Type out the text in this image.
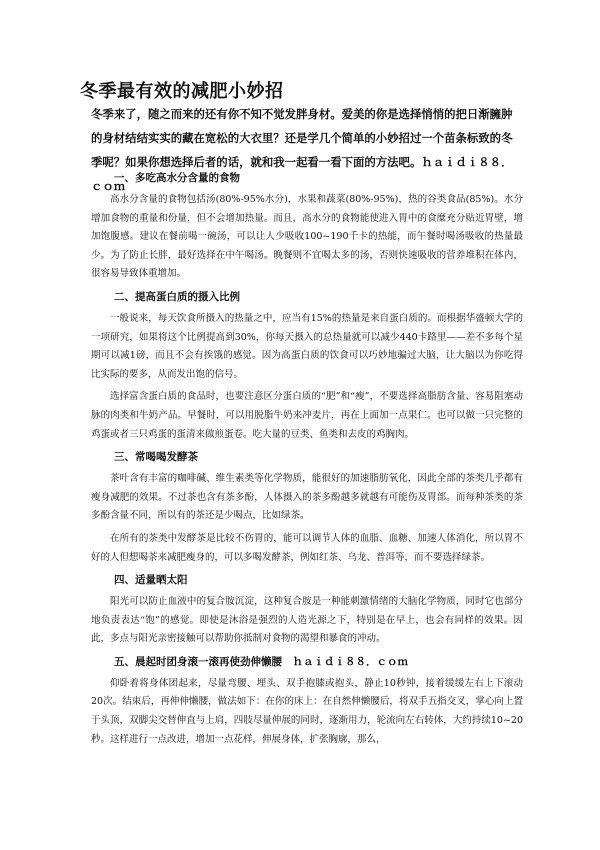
冬季最有效的减肥小妙招

冬季来了，随之而来的还有你不知不觉发胖身材。爱美的你是选择悄悄的把日渐臃肿的身材结结实实的藏在宽松的大衣里？还是学几个简单的小妙招过一个苗条标致的冬季呢？如果你想选择后者的话，就和我一起看一看下面的方法吧。ｈａｉｄｉ８８．ｃｏｍ

一、多吃高水分含量的食物

高水分含量的食物包括汤(80%-95%水分)，水果和蔬菜(80%-95%)，热的谷类食品(85%)。水分增加食物的重量和份量，但不会增加热量。而且，高水分的食物能使进入胃中的食糜充分贴近胃壁，增加饱腹感。建议在餐前喝一碗汤，可以让人少吸收100~190千卡的热能，而午餐时喝汤吸收的热量最少。为了防止长胖，最好选择在中午喝汤。晚餐则不宜喝太多的汤，否则快速吸收的营养堆积在体内，很容易导致体重增加。

二、提高蛋白质的摄入比例

一般说来，每天饮食所摄入的热量之中，应当有15%的热量是来自蛋白质的。而根据华盛顿大学的一项研究，如果将这个比例提高到30%，你每天摄入的总热量就可以减少440卡路里——差不多每个星期可以减1磅，而且不会有挨饿的感觉。因为高蛋白质的饮食可以巧妙地骗过大脑，让大脑以为你吃得比实际的要多，从而发出饱的信号。

选择富含蛋白质的食品时，也要注意区分蛋白质的“肥”和“瘦”，不要选择高脂肪含量、容易阻塞动脉的肉类和牛奶产品。早餐时，可以用脱脂牛奶来冲麦片，再在上面加一点果仁。也可以做一只完整的鸡蛋或者三只鸡蛋的蛋清来做煎蛋卷。吃大量的豆类、鱼类和去皮的鸡胸肉。

三、常喝喝发酵茶

茶叶含有丰富的咖啡碱、维生素类等化学物质，能很好的加速脂肪氧化，因此全部的茶类几乎都有瘦身减肥的效果。不过茶也含有茶多酚，人体摄入的茶多酚越多就越有可能伤及胃部。而每种茶类的茶多酚含量不同，所以有的茶还是少喝点，比如绿茶。

在所有的茶类中发酵茶是比较不伤胃的，能可以调节人体的血脂、血糖、加速人体消化，所以胃不好的人但想喝茶来减肥瘦身的，可以多喝发酵茶，例如红茶、乌龙、普洱等，而不要选择绿茶。

四、适量晒太阳

阳光可以防止血液中的复合胺沉淀，这种复合胺是一种能刺激情绪的大脑化学物质，同时它也部分地负责表达“饱”的感觉。即使是沐浴是强烈的人造光源之下，特别是在早上，也会有同样的效果。因此，多点与阳光亲密接触可以帮助你抵制对食物的渴望和暴食的冲动。

五、晨起时团身滚一滚再使劲伸懒腰　ｈａｉｄｉ８８．ｃｏｍ

仰卧着将身体团起来，尽量弯腰、埋头、双手抱膝或抱头，静止10秒钟，接着缓缓左右上下滚动20次。结束后，再伸伸懒腰，做法如下：在你的床上：在自然伸懒腰后，将双手五指交叉，掌心向上置于头顶，双脚尖交替伸直与上肩，四肢尽量伸展的同时，逐渐用力，轮流向左右转体，大约持续10~20秒。这样进行一点改进，增加一点花样，伸展身体，扩张胸廓，那么，
